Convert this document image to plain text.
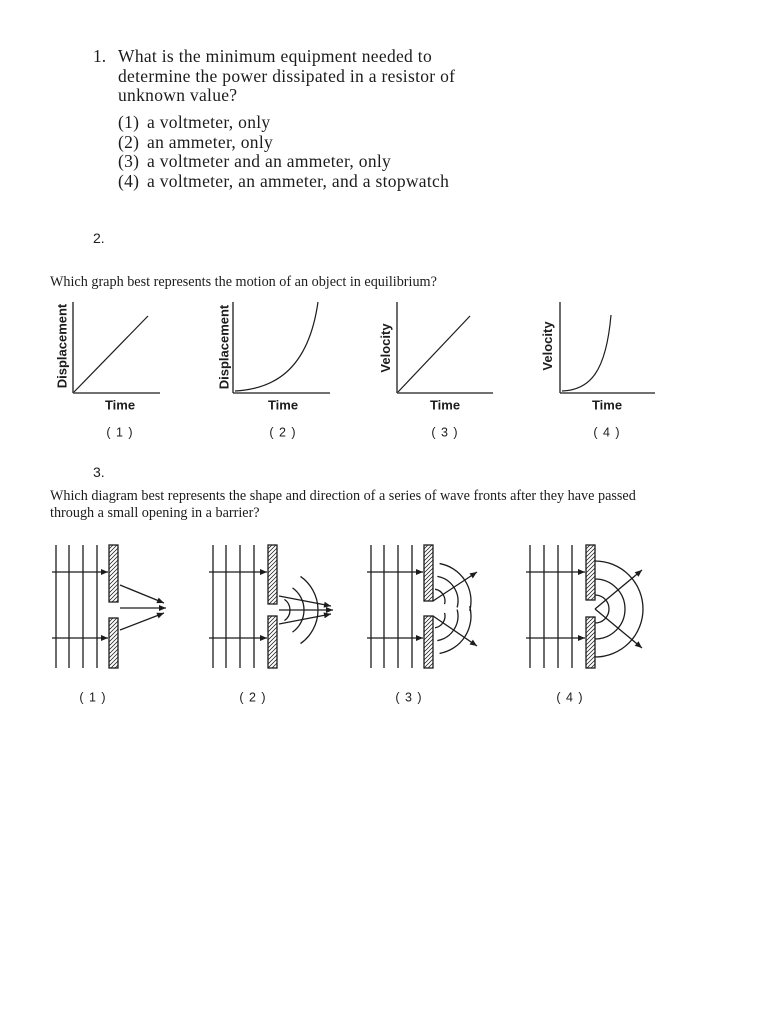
Displacement
Time
( 1 )
Displacement
Time
( 2 )
Velocity
Time
( 3 )
Velocity
Time
( 4 )
( 1 )	( 2 )	( 3 )	( 4 )
1. What is the minimum equipment needed to
determine the power dissipated in a resistor of
unknown value?
(1) a voltmeter, only
(2) an ammeter, only
(3) a voltmeter and an ammeter, only
(4) a voltmeter, an ammeter, and a stopwatch
2.
Which graph best represents the motion of an object in equilibrium?
3.
Which diagram best represents the shape and direction of a series of wave fronts after they have passed
through a small opening in a barrier?
